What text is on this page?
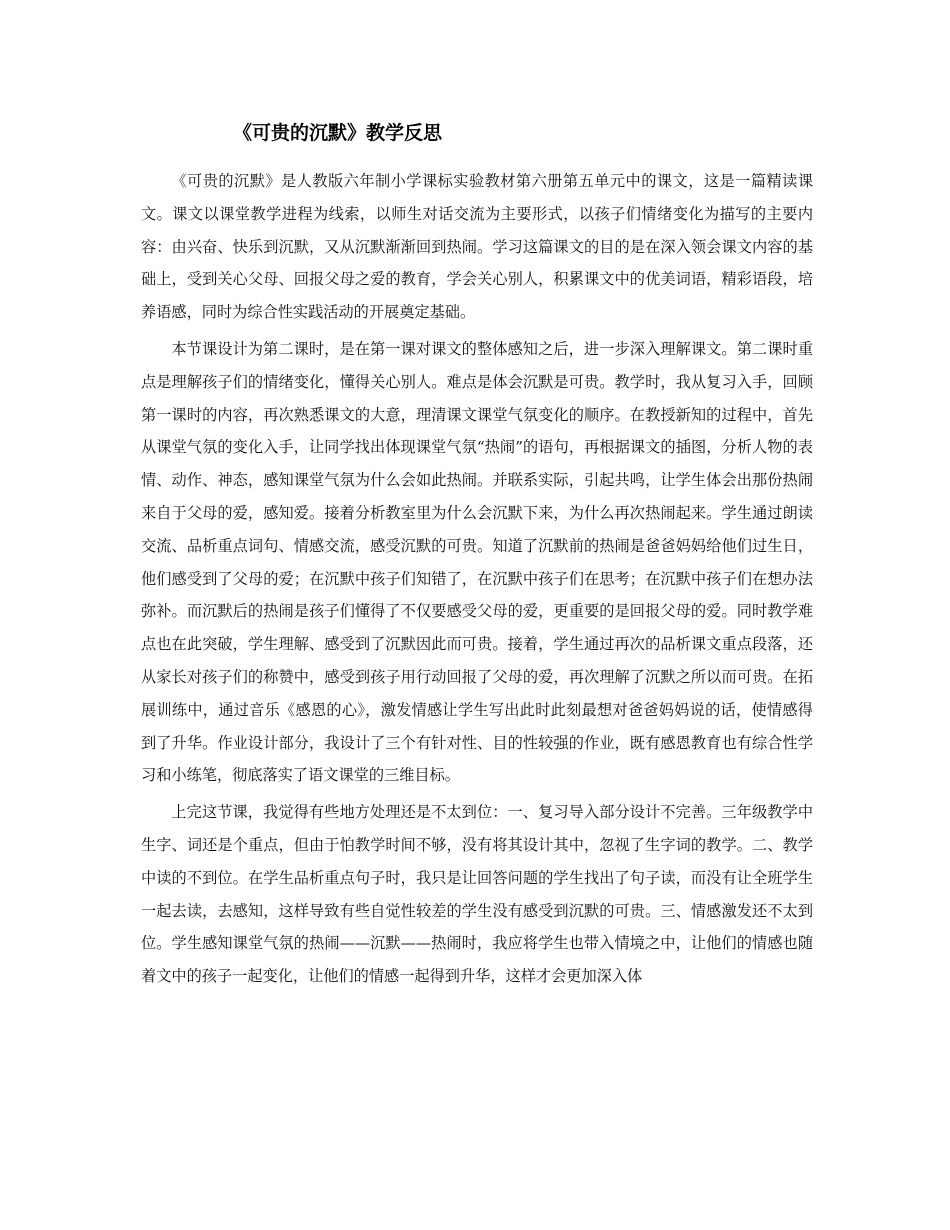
《可贵的沉默》教学反思

《可贵的沉默》是人教版六年制小学课标实验教材第六册第五单元中的课文，这是一篇精读课文。课文以课堂教学进程为线索，以师生对话交流为主要形式，以孩子们情绪变化为描写的主要内容：由兴奋、快乐到沉默，又从沉默渐渐回到热闹。学习这篇课文的目的是在深入领会课文内容的基础上，受到关心父母、回报父母之爱的教育，学会关心别人，积累课文中的优美词语，精彩语段，培养语感，同时为综合性实践活动的开展奠定基础。

本节课设计为第二课时，是在第一课对课文的整体感知之后，进一步深入理解课文。第二课时重点是理解孩子们的情绪变化，懂得关心别人。难点是体会沉默是可贵。教学时，我从复习入手，回顾第一课时的内容，再次熟悉课文的大意，理清课文课堂气氛变化的顺序。在教授新知的过程中，首先从课堂气氛的变化入手，让同学找出体现课堂气氛“热闹”的语句，再根据课文的插图，分析人物的表情、动作、神态，感知课堂气氛为什么会如此热闹。并联系实际，引起共鸣，让学生体会出那份热闹来自于父母的爱，感知爱。接着分析教室里为什么会沉默下来，为什么再次热闹起来。学生通过朗读交流、品析重点词句、情感交流，感受沉默的可贵。知道了沉默前的热闹是爸爸妈妈给他们过生日，他们感受到了父母的爱；在沉默中孩子们知错了，在沉默中孩子们在思考；在沉默中孩子们在想办法弥补。而沉默后的热闹是孩子们懂得了不仅要感受父母的爱，更重要的是回报父母的爱。同时教学难点也在此突破，学生理解、感受到了沉默因此而可贵。接着，学生通过再次的品析课文重点段落，还从家长对孩子们的称赞中，感受到孩子用行动回报了父母的爱，再次理解了沉默之所以而可贵。在拓展训练中，通过音乐《感恩的心》，激发情感让学生写出此时此刻最想对爸爸妈妈说的话，使情感得到了升华。作业设计部分，我设计了三个有针对性、目的性较强的作业，既有感恩教育也有综合性学习和小练笔，彻底落实了语文课堂的三维目标。

上完这节课，我觉得有些地方处理还是不太到位：一、复习导入部分设计不完善。三年级教学中生字、词还是个重点，但由于怕教学时间不够，没有将其设计其中，忽视了生字词的教学。二、教学中读的不到位。在学生品析重点句子时，我只是让回答问题的学生找出了句子读，而没有让全班学生一起去读，去感知，这样导致有些自觉性较差的学生没有感受到沉默的可贵。三、情感激发还不太到位。学生感知课堂气氛的热闹——沉默——热闹时，我应将学生也带入情境之中，让他们的情感也随着文中的孩子一起变化，让他们的情感一起得到升华，这样才会更加深入体
